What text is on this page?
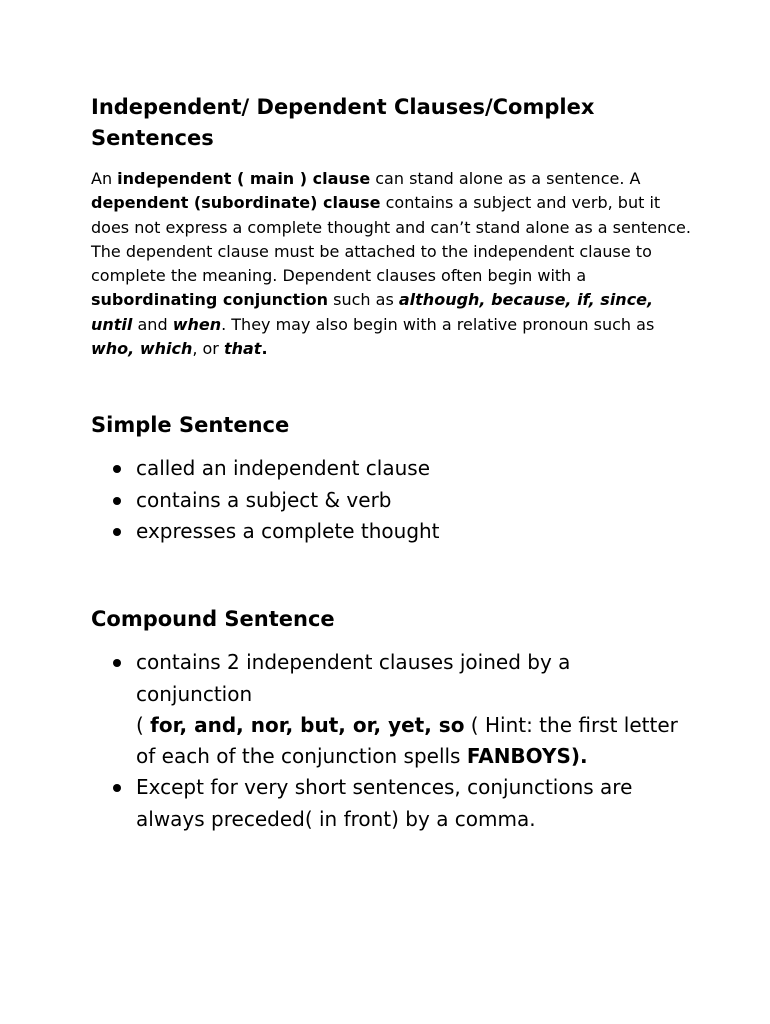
Independent/ Dependent Clauses/Complex Sentences

An independent ( main ) clause can stand alone as a sentence. A dependent (subordinate) clause contains a subject and verb, but it does not express a complete thought and can’t stand alone as a sentence. The dependent clause must be attached to the independent clause to complete the meaning. Dependent clauses often begin with a subordinating conjunction such as although, because, if, since, until and when. They may also begin with a relative pronoun such as who, which, or that.

Simple Sentence
called an independent clause
contains a subject & verb
expresses a complete thought
Compound Sentence
contains 2 independent clauses joined by a conjunction
( for, and, nor, but, or, yet, so ( Hint: the first letter of each of the conjunction spells FANBOYS).
Except for very short sentences, conjunctions are always preceded( in front) by a comma.
